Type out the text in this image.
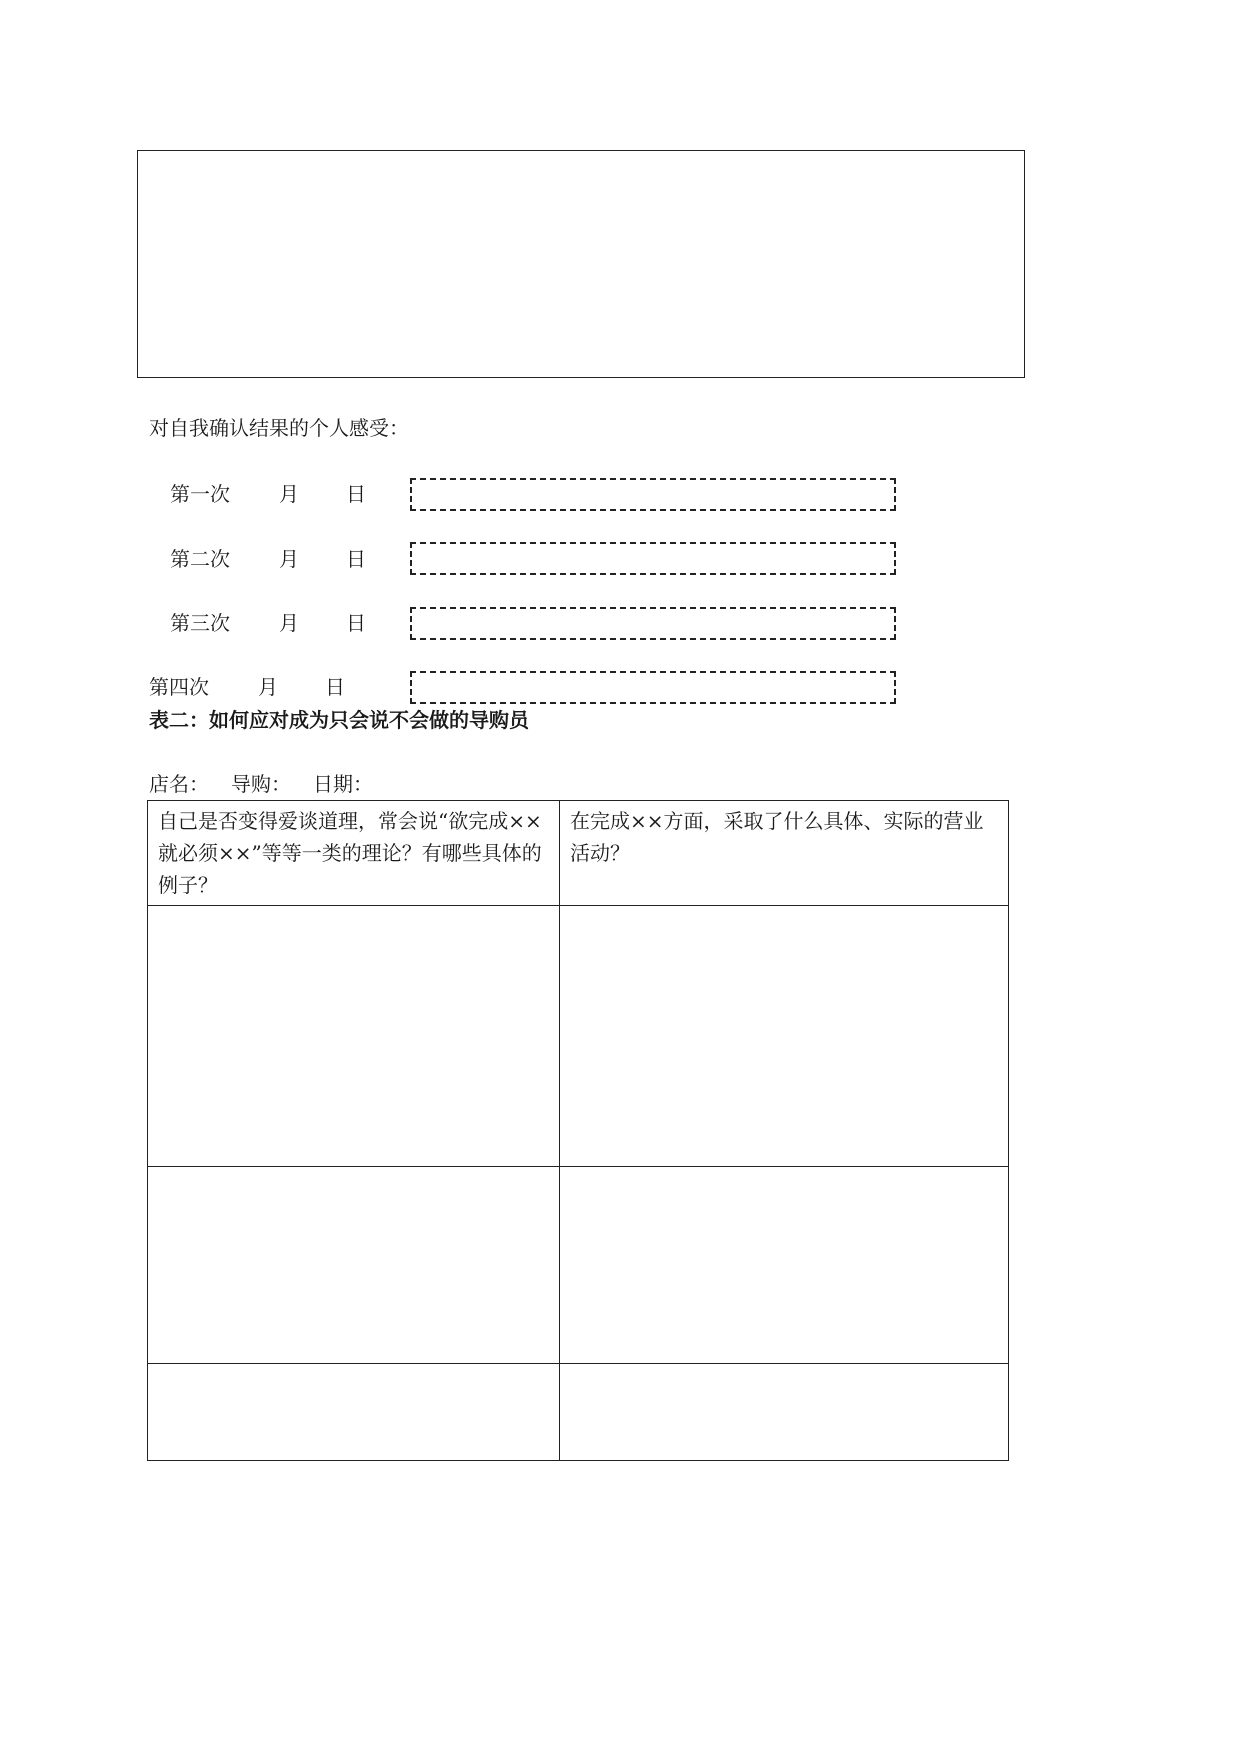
对自我确认结果的个人感受：
第一次 月 日
第二次 月 日
第三次 月 日
第四次 月 日
表二：如何应对成为只会说不会做的导购员
店名： 导购： 日期：
自己是否变得爱谈道理，常会说“欲完成××就必须××”等等一类的理论？有哪些具体的例子？	在完成××方面，采取了什么具体、实际的营业活动？
